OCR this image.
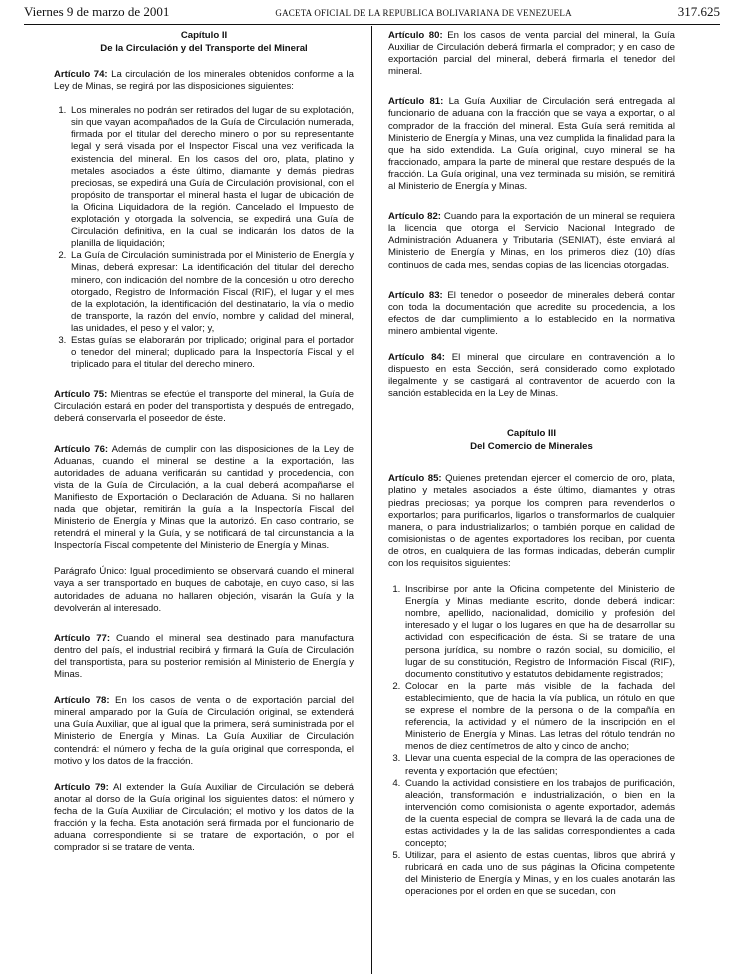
Viernes 9 de marzo de 2001	GACETA OFICIAL DE LA REPUBLICA BOLIVARIANA DE VENEZUELA	317.625

Capítulo II

De la Circulación y del Transporte del Mineral

Artículo 74: La circulación de los minerales obtenidos conforme a la Ley de Minas, se regirá por las disposiciones siguientes:

1. Los minerales no podrán ser retirados del lugar de su explotación, sin que vayan acompañados de la Guía de Circulación numerada, firmada por el titular del derecho minero o por su representante legal y será visada por el Inspector Fiscal una vez verificada la existencia del mineral. En los casos del oro, plata, platino y metales asociados a éste último, diamante y demás piedras preciosas, se expedirá una Guía de Circulación provisional, con el propósito de transportar el mineral hasta el lugar de ubicación de la Oficina Liquidadora de la región. Cancelado el Impuesto de explotación y otorgada la solvencia, se expedirá una Guía de Circulación definitiva, en la cual se indicarán los datos de la planilla de liquidación;
2. La Guía de Circulación suministrada por el Ministerio de Energía y Minas, deberá expresar: La identificación del titular del derecho minero, con indicación del nombre de la concesión u otro derecho otorgado, Registro de Información Fiscal (RIF), el lugar y el mes de la explotación, la identificación del destinatario, la vía o medio de transporte, la razón del envío, nombre y calidad del mineral, las unidades, el peso y el valor; y,
3. Estas guías se elaborarán por triplicado; original para el portador o tenedor del mineral; duplicado para la Inspectoría Fiscal y el triplicado para el titular del derecho minero.

Artículo 75: Mientras se efectúe el transporte del mineral, la Guía de Circulación estará en poder del transportista y después de entregado, deberá conservarla el poseedor de éste.

Artículo 76: Además de cumplir con las disposiciones de la Ley de Aduanas, cuando el mineral se destine a la exportación, las autoridades de aduana verificarán su cantidad y procedencia, con vista de la Guía de Circulación, a la cual deberá acompañarse el Manifiesto de Exportación o Declaración de Aduana. Si no hallaren nada que objetar, remitirán la guía a la Inspectoría Fiscal del Ministerio de Energía y Minas que la autorizó. En caso contrario, se retendrá el mineral y la Guía, y se notificará de tal circunstancia a la Inspectoría Fiscal competente del Ministerio de Energía y Minas.

Parágrafo Único: Igual procedimiento se observará cuando el mineral vaya a ser transportado en buques de cabotaje, en cuyo caso, si las autoridades de aduana no hallaren objeción, visarán la Guía y la devolverán al interesado.

Artículo 77: Cuando el mineral sea destinado para manufactura dentro del país, el industrial recibirá y firmará la Guía de Circulación del transportista, para su posterior remisión al Ministerio de Energía y Minas.

Artículo 78: En los casos de venta o de exportación parcial del mineral amparado por la Guía de Circulación original, se extenderá una Guía Auxiliar, que al igual que la primera, será suministrada por el Ministerio de Energía y Minas. La Guía Auxiliar de Circulación contendrá: el número y fecha de la guía original que corresponda, el motivo y los datos de la fracción.

Artículo 79: Al extender la Guía Auxiliar de Circulación se deberá anotar al dorso de la Guía original los siguientes datos: el número y fecha de la Guía Auxiliar de Circulación; el motivo y los datos de la fracción y la fecha. Esta anotación será firmada por el funcionario de aduana correspondiente si se tratare de exportación, o por el comprador si se tratare de venta.

Artículo 80: En los casos de venta parcial del mineral, la Guía Auxiliar de Circulación deberá firmarla el comprador; y en caso de exportación parcial del mineral, deberá firmarla el tenedor del mineral.

Artículo 81: La Guía Auxiliar de Circulación será entregada al funcionario de aduana con la fracción que se vaya a exportar, o al comprador de la fracción del mineral. Esta Guía será remitida al Ministerio de Energía y Minas, una vez cumplida la finalidad para la que ha sido extendida. La Guía original, cuyo mineral se ha fraccionado, ampara la parte de mineral que restare después de la fracción. La Guía original, una vez terminada su misión, se remitirá al Ministerio de Energía y Minas.

Artículo 82: Cuando para la exportación de un mineral se requiera la licencia que otorga el Servicio Nacional Integrado de Administración Aduanera y Tributaria (SENIAT), éste enviará al Ministerio de Energía y Minas, en los primeros diez (10) días continuos de cada mes, sendas copias de las licencias otorgadas.

Artículo 83: El tenedor o poseedor de minerales deberá contar con toda la documentación que acredite su procedencia, a los efectos de dar cumplimiento a lo establecido en la normativa minero ambiental vigente.

Artículo 84: El mineral que circulare en contravención a lo dispuesto en esta Sección, será considerado como explotado ilegalmente y se castigará al contraventor de acuerdo con la sanción establecida en la Ley de Minas.

Capítulo III

Del Comercio de Minerales

Artículo 85: Quienes pretendan ejercer el comercio de oro, plata, platino y metales asociados a éste último, diamantes y otras piedras preciosas; ya porque los compren para revenderlos o exportarlos; para purificarlos, ligarlos o transformarlos de cualquier manera, o para industrializarlos; o también porque en calidad de comisionistas o de agentes exportadores los reciban, por cuenta de otros, en cualquiera de las formas indicadas, deberán cumplir con los requisitos siguientes:

1. Inscribirse por ante la Oficina competente del Ministerio de Energía y Minas mediante escrito, donde deberá indicar: nombre, apellido, nacionalidad, domicilio y profesión del interesado y el lugar o los lugares en que ha de desarrollar su actividad con especificación de ésta. Si se tratare de una persona jurídica, su nombre o razón social, su domicilio, el lugar de su constitución, Registro de Información Fiscal (RIF), documento constitutivo y estatutos debidamente registrados;
2. Colocar en la parte más visible de la fachada del establecimiento, que de hacia la vía publica, un rótulo en que se exprese el nombre de la persona o de la compañía en referencia, la actividad y el número de la inscripción en el Ministerio de Energía y Minas. Las letras del rótulo tendrán no menos de diez centímetros de alto y cinco de ancho;
3. Llevar una cuenta especial de la compra de las operaciones de reventa y exportación que efectúen;
4. Cuando la actividad consistiere en los trabajos de purificación, aleación, transformación e industrialización, o bien en la intervención como comisionista o agente exportador, además de la cuenta especial de compra se llevará la de cada una de estas actividades y la de las salidas correspondientes a cada concepto;
5. Utilizar, para el asiento de estas cuentas, libros que abrirá y rubricará en cada uno de sus páginas la Oficina competente del Ministerio de Energía y Minas, y en los cuales anotarán las operaciones por el orden en que se sucedan, con
